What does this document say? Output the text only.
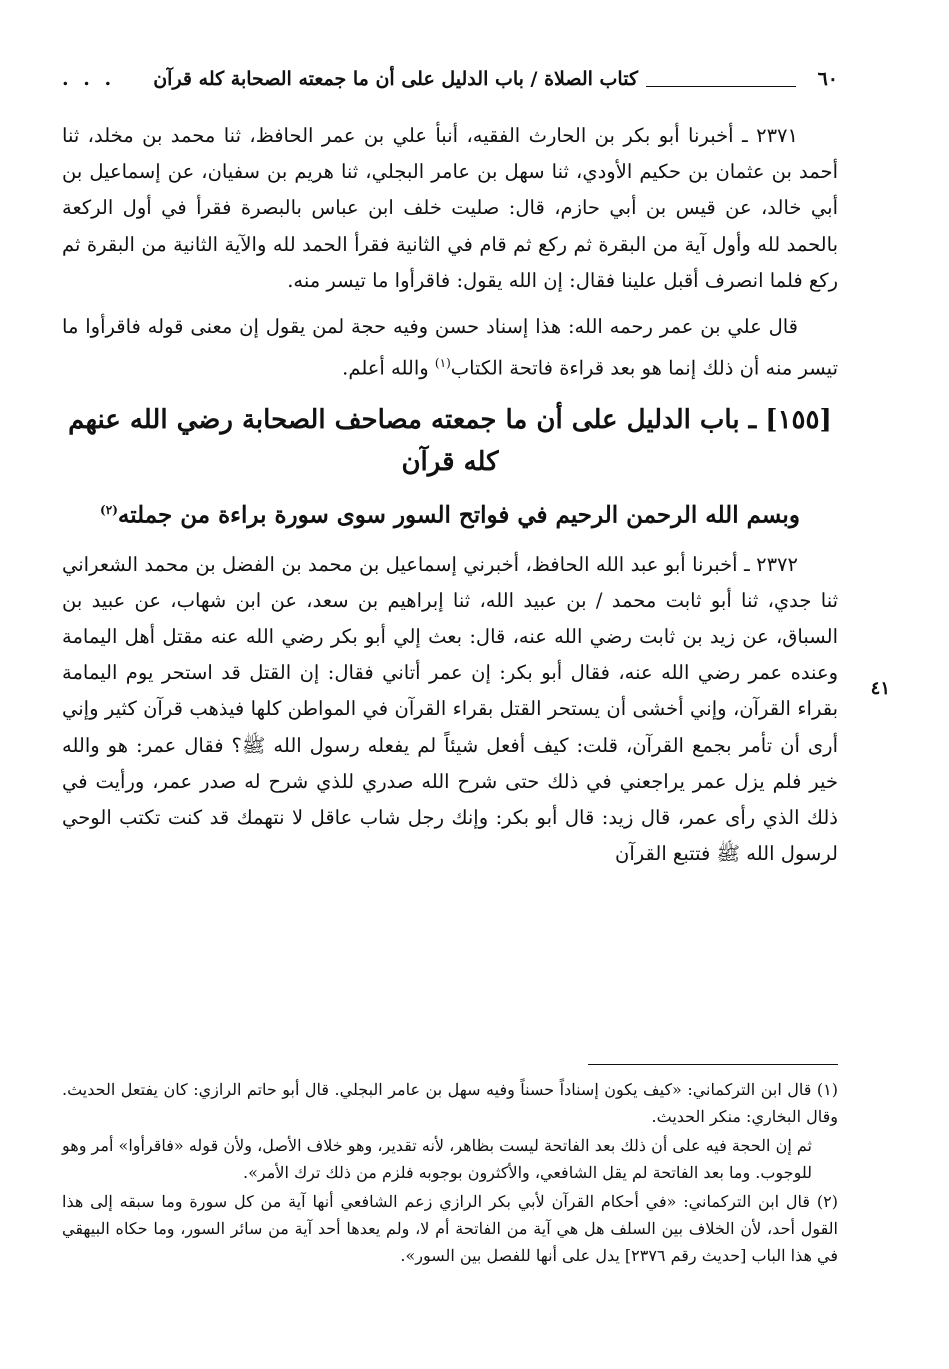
٦٠
كتاب الصلاة / باب الدليل على أن ما جمعته الصحابة كله قرآن
. . .

٢٣٧١ ـ أخبرنا أبو بكر بن الحارث الفقيه، أنبأ علي بن عمر الحافظ، ثنا محمد بن مخلد، ثنا أحمد بن عثمان بن حكيم الأودي، ثنا سهل بن عامر البجلي، ثنا هريم بن سفيان، عن إسماعيل بن أبي خالد، عن قيس بن أبي حازم، قال: صليت خلف ابن عباس بالبصرة فقرأ في أول الركعة بالحمد لله وأول آية من البقرة ثم ركع ثم قام في الثانية فقرأ الحمد لله والآية الثانية من البقرة ثم ركع فلما انصرف أقبل علينا فقال: إن الله يقول: فاقرأوا ما تيسر منه.

قال علي بن عمر رحمه الله: هذا إسناد حسن وفيه حجة لمن يقول إن معنى قوله فاقرأوا ما تيسر منه أن ذلك إنما هو بعد قراءة فاتحة الكتاب$^{(١)}$ والله أعلم.

[١٥٥] ـ باب الدليل على أن ما جمعته مصاحف الصحابة رضي الله عنهم كله قرآن
وبسم الله الرحمن الرحيم في فواتح السور سوى سورة براءة من جملته$^{(٢)}$

٢٣٧٢ ـ أخبرنا أبو عبد الله الحافظ، أخبرني إسماعيل بن محمد بن الفضل بن محمد الشعراني ثنا جدي، ثنا أبو ثابت محمد / بن عبيد الله، ثنا إبراهيم بن سعد، عن ابن شهاب، عن عبيد بن السباق، عن زيد بن ثابت رضي الله عنه، قال: بعث إلي أبو بكر رضي الله عنه مقتل أهل اليمامة وعنده عمر رضي الله عنه، فقال أبو بكر: إن عمر أتاني فقال: إن القتل قد استحر يوم اليمامة بقراء القرآن، وإني أخشى أن يستحر القتل بقراء القرآن في المواطن كلها فيذهب قرآن كثير وإني أرى أن تأمر بجمع القرآن، قلت: كيف أفعل شيئاً لم يفعله رسول الله ﷺ؟ فقال عمر: هو والله خير فلم يزل عمر يراجعني في ذلك حتى شرح الله صدري للذي شرح له صدر عمر، ورأيت في ذلك الذي رأى عمر، قال زيد: قال أبو بكر: وإنك رجل شاب عاقل لا نتهمك قد كنت تكتب الوحي لرسول الله ﷺ فتتبع القرآن

٤١

(١) قال ابن التركماني: «كيف يكون إسناداً حسناً وفيه سهل بن عامر البجلي. قال أبو حاتم الرازي: كان يفتعل الحديث. وقال البخاري: منكر الحديث.

ثم إن الحجة فيه على أن ذلك بعد الفاتحة ليست بظاهر، لأنه تقدير، وهو خلاف الأصل، ولأن قوله «فاقرأوا» أمر وهو للوجوب. وما بعد الفاتحة لم يقل الشافعي، والأكثرون بوجوبه فلزم من ذلك ترك الأمر».

(٢) قال ابن التركماني: «في أحكام القرآن لأبي بكر الرازي زعم الشافعي أنها آية من كل سورة وما سبقه إلى هذا القول أحد، لأن الخلاف بين السلف هل هي آية من الفاتحة أم لا، ولم يعدها أحد آية من سائر السور، وما حكاه البيهقي في هذا الباب [حديث رقم ٢٣٧٦] يدل على أنها للفصل بين السور».
